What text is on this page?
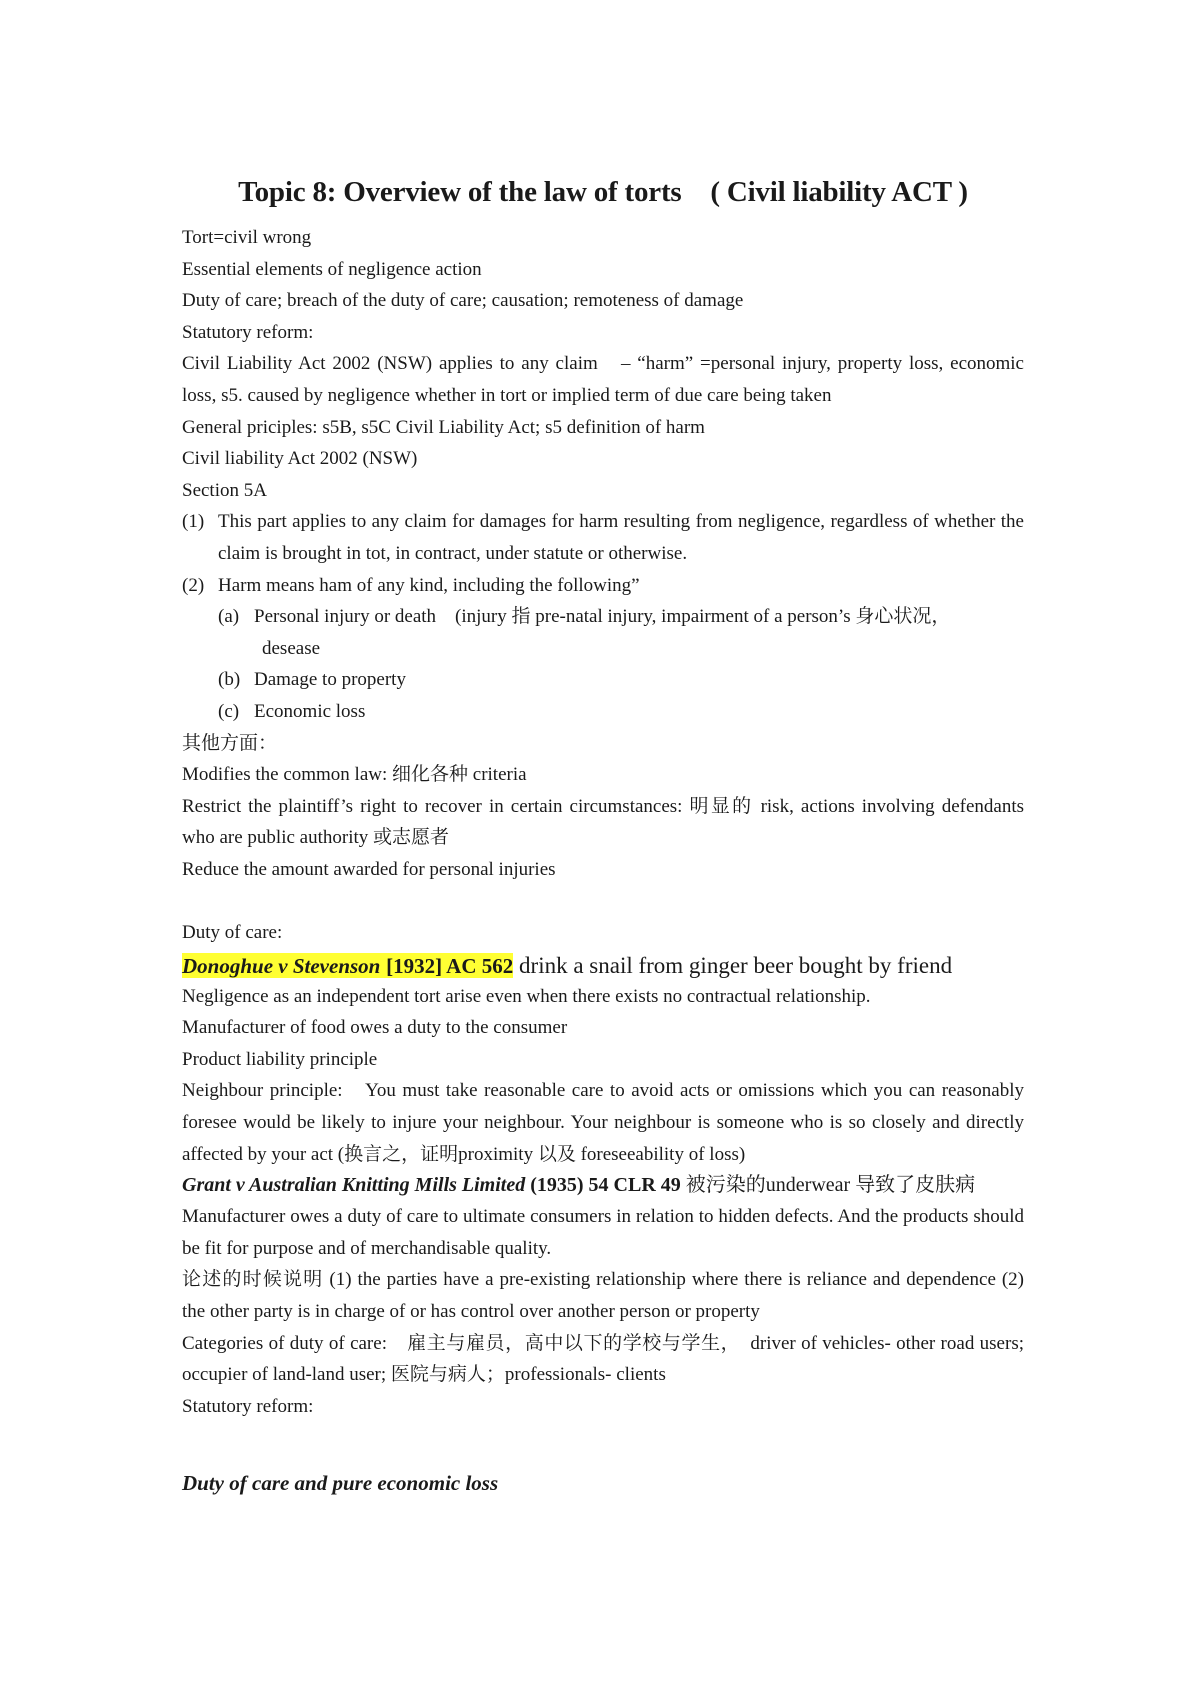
Topic 8: Overview of the law of torts　( Civil liability ACT )

Tort=civil wrong

Essential elements of negligence action

Duty of care; breach of the duty of care; causation; remoteness of damage

Statutory reform:

Civil Liability Act 2002 (NSW) applies to any claim　– “harm” =personal injury, property loss, economic loss, s5. caused by negligence whether in tort or implied term of due care being taken

General priciples: s5B, s5C Civil Liability Act; s5 definition of harm

Civil liability Act 2002 (NSW)

Section 5A

(1) This part applies to any claim for damages for harm resulting from negligence, regardless of whether the claim is brought in tot, in contract, under statute or otherwise.
(2) Harm means ham of any kind, including the following”
(a) Personal injury or death　(injury 指 pre-natal injury, impairment of a person’s 身心状况，

desease

(b) Damage to property
(c) Economic loss

其他方面：

Modifies the common law: 细化各种 criteria

Restrict the plaintiff’s right to recover in certain circumstances: 明显的 risk, actions involving defendants who are public authority 或志愿者

Reduce the amount awarded for personal injuries

Duty of care:

Donoghue v Stevenson [1932] AC 562 drink a snail from ginger beer bought by friend

Negligence as an independent tort arise even when there exists no contractual relationship.

Manufacturer of food owes a duty to the consumer

Product liability principle

Neighbour principle:　You must take reasonable care to avoid acts or omissions which you can reasonably foresee would be likely to injure your neighbour. Your neighbour is someone who is so closely and directly affected by your act (换言之，证明proximity 以及 foreseeability of loss)

Grant v Australian Knitting Mills Limited (1935) 54 CLR 49 被污染的underwear 导致了皮肤病

Manufacturer owes a duty of care to ultimate consumers in relation to hidden defects. And the products should be fit for purpose and of merchandisable quality.

论述的时候说明 (1) the parties have a pre-existing relationship where there is reliance and dependence (2) the other party is in charge of or has control over another person or property

Categories of duty of care:　雇主与雇员，高中以下的学校与学生，　driver of vehicles- other road users; occupier of land-land user; 医院与病人；professionals- clients

Statutory reform:

Duty of care and pure economic loss
